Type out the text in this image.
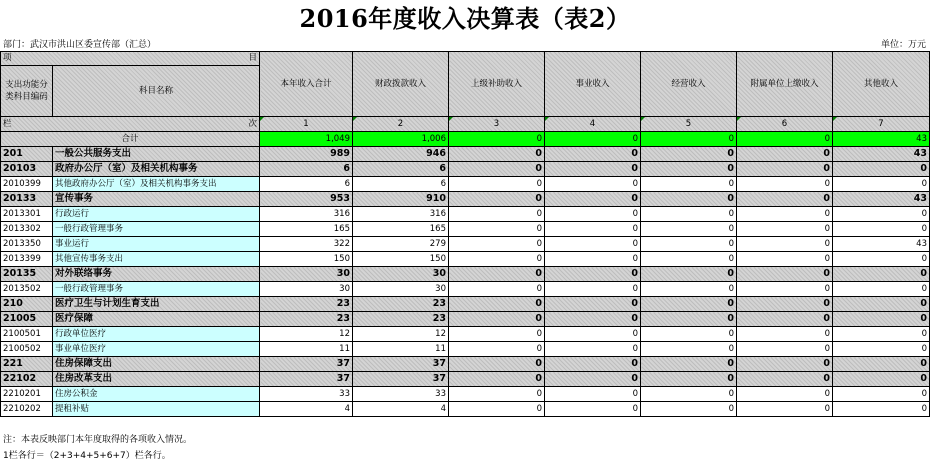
2016年度收入决算表（表2）
部门：武汉市洪山区委宣传部（汇总）	单位：万元
项 目		本年收入合计	财政拨款收入	上级补助收入	事业收入	经营收入	附属单位上缴收入	其他收入
支出功能分类科目编码	科目名称							

栏 次		1	2	3	4	5	6	7
合计		1,049	1,006	0	0	0	0	43
201	一般公共服务支出	989	946	0	0	0	0	43
20103	政府办公厅（室）及相关机构事务	6	6	0	0	0	0	0
2010399	其他政府办公厅（室）及相关机构事务支出	6	6	0	0	0	0	0
20133	宣传事务	953	910	0	0	0	0	43
2013301	行政运行	316	316	0	0	0	0	0
2013302	一般行政管理事务	165	165	0	0	0	0	0
2013350	事业运行	322	279	0	0	0	0	43
2013399	其他宣传事务支出	150	150	0	0	0	0	0
20135	对外联络事务	30	30	0	0	0	0	0
2013502	一般行政管理事务	30	30	0	0	0	0	0
210	医疗卫生与计划生育支出	23	23	0	0	0	0	0
21005	医疗保障	23	23	0	0	0	0	0
2100501	行政单位医疗	12	12	0	0	0	0	0
2100502	事业单位医疗	11	11	0	0	0	0	0
221	住房保障支出	37	37	0	0	0	0	0
22102	住房改革支出	37	37	0	0	0	0	0
2210201	住房公积金	33	33	0	0	0	0	0
2210202	提租补贴	4	4	0	0	0	0	0
注：本表反映部门本年度取得的各项收入情况。
1栏各行＝（2+3+4+5+6+7）栏各行。
